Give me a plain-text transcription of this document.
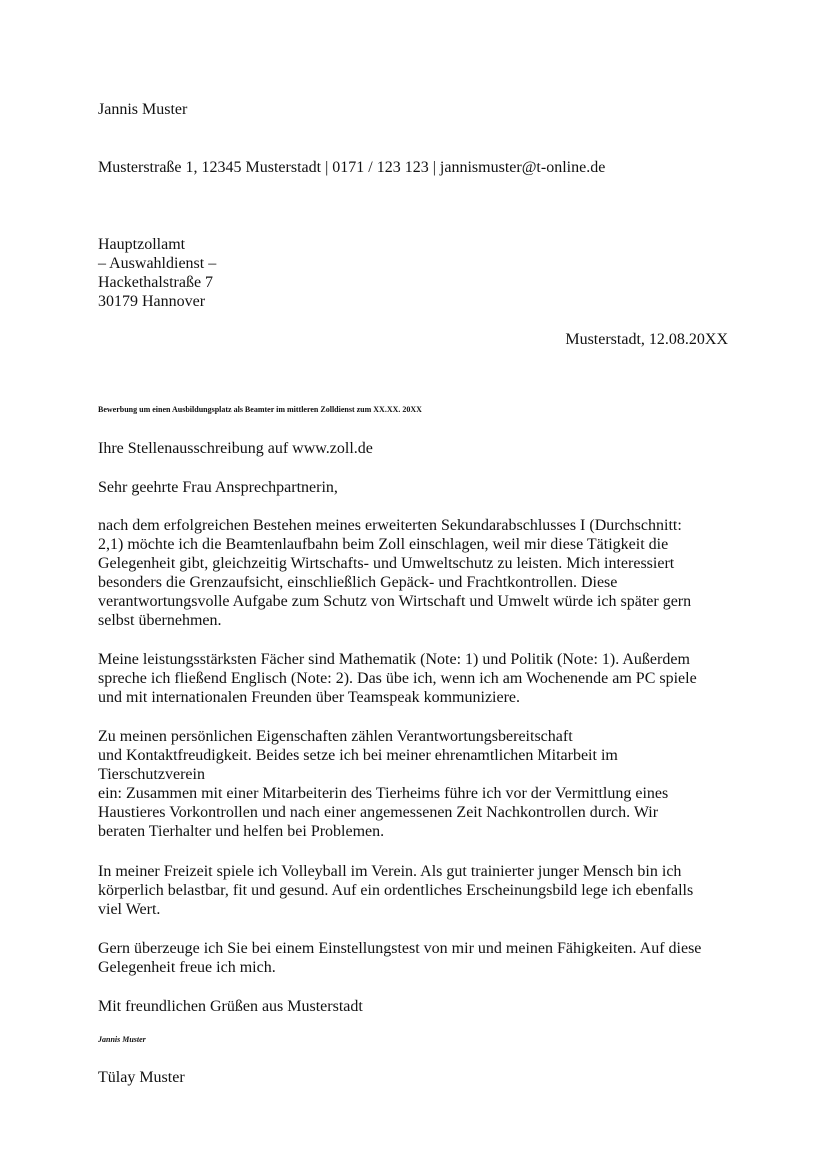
Jannis Muster
Musterstraße 1, 12345 Musterstadt | 0171 / 123 123 | jannismuster@t-online.de
Hauptzollamt
– Auswahldienst –
Hackethalstraße 7
30179 Hannover
Musterstadt, 12.08.20XX
Bewerbung um einen Ausbildungsplatz als Beamter im mittleren Zolldienst zum XX.XX. 20XX
Ihre Stellenausschreibung auf www.zoll.de
Sehr geehrte Frau Ansprechpartnerin,
nach dem erfolgreichen Bestehen meines erweiterten Sekundarabschlusses I (Durchschnitt:
2,1) möchte ich die Beamtenlaufbahn beim Zoll einschlagen, weil mir diese Tätigkeit die
Gelegenheit gibt, gleichzeitig Wirtschafts- und Umweltschutz zu leisten. Mich interessiert
besonders die Grenzaufsicht, einschließlich Gepäck- und Frachtkontrollen. Diese
verantwortungsvolle Aufgabe zum Schutz von Wirtschaft und Umwelt würde ich später gern
selbst übernehmen.
Meine leistungsstärksten Fächer sind Mathematik (Note: 1) und Politik (Note: 1). Außerdem
spreche ich fließend Englisch (Note: 2). Das übe ich, wenn ich am Wochenende am PC spiele
und mit internationalen Freunden über Teamspeak kommuniziere.
Zu meinen persönlichen Eigenschaften zählen Verantwortungsbereitschaft
und Kontaktfreudigkeit. Beides setze ich bei meiner ehrenamtlichen Mitarbeit im
Tierschutzverein
ein: Zusammen mit einer Mitarbeiterin des Tierheims führe ich vor der Vermittlung eines
Haustieres Vorkontrollen und nach einer angemessenen Zeit Nachkontrollen durch. Wir
beraten Tierhalter und helfen bei Problemen.
In meiner Freizeit spiele ich Volleyball im Verein. Als gut trainierter junger Mensch bin ich
körperlich belastbar, fit und gesund. Auf ein ordentliches Erscheinungsbild lege ich ebenfalls
viel Wert.
Gern überzeuge ich Sie bei einem Einstellungstest von mir und meinen Fähigkeiten. Auf diese
Gelegenheit freue ich mich.
Mit freundlichen Grüßen aus Musterstadt
Jannis Muster
Tülay Muster
